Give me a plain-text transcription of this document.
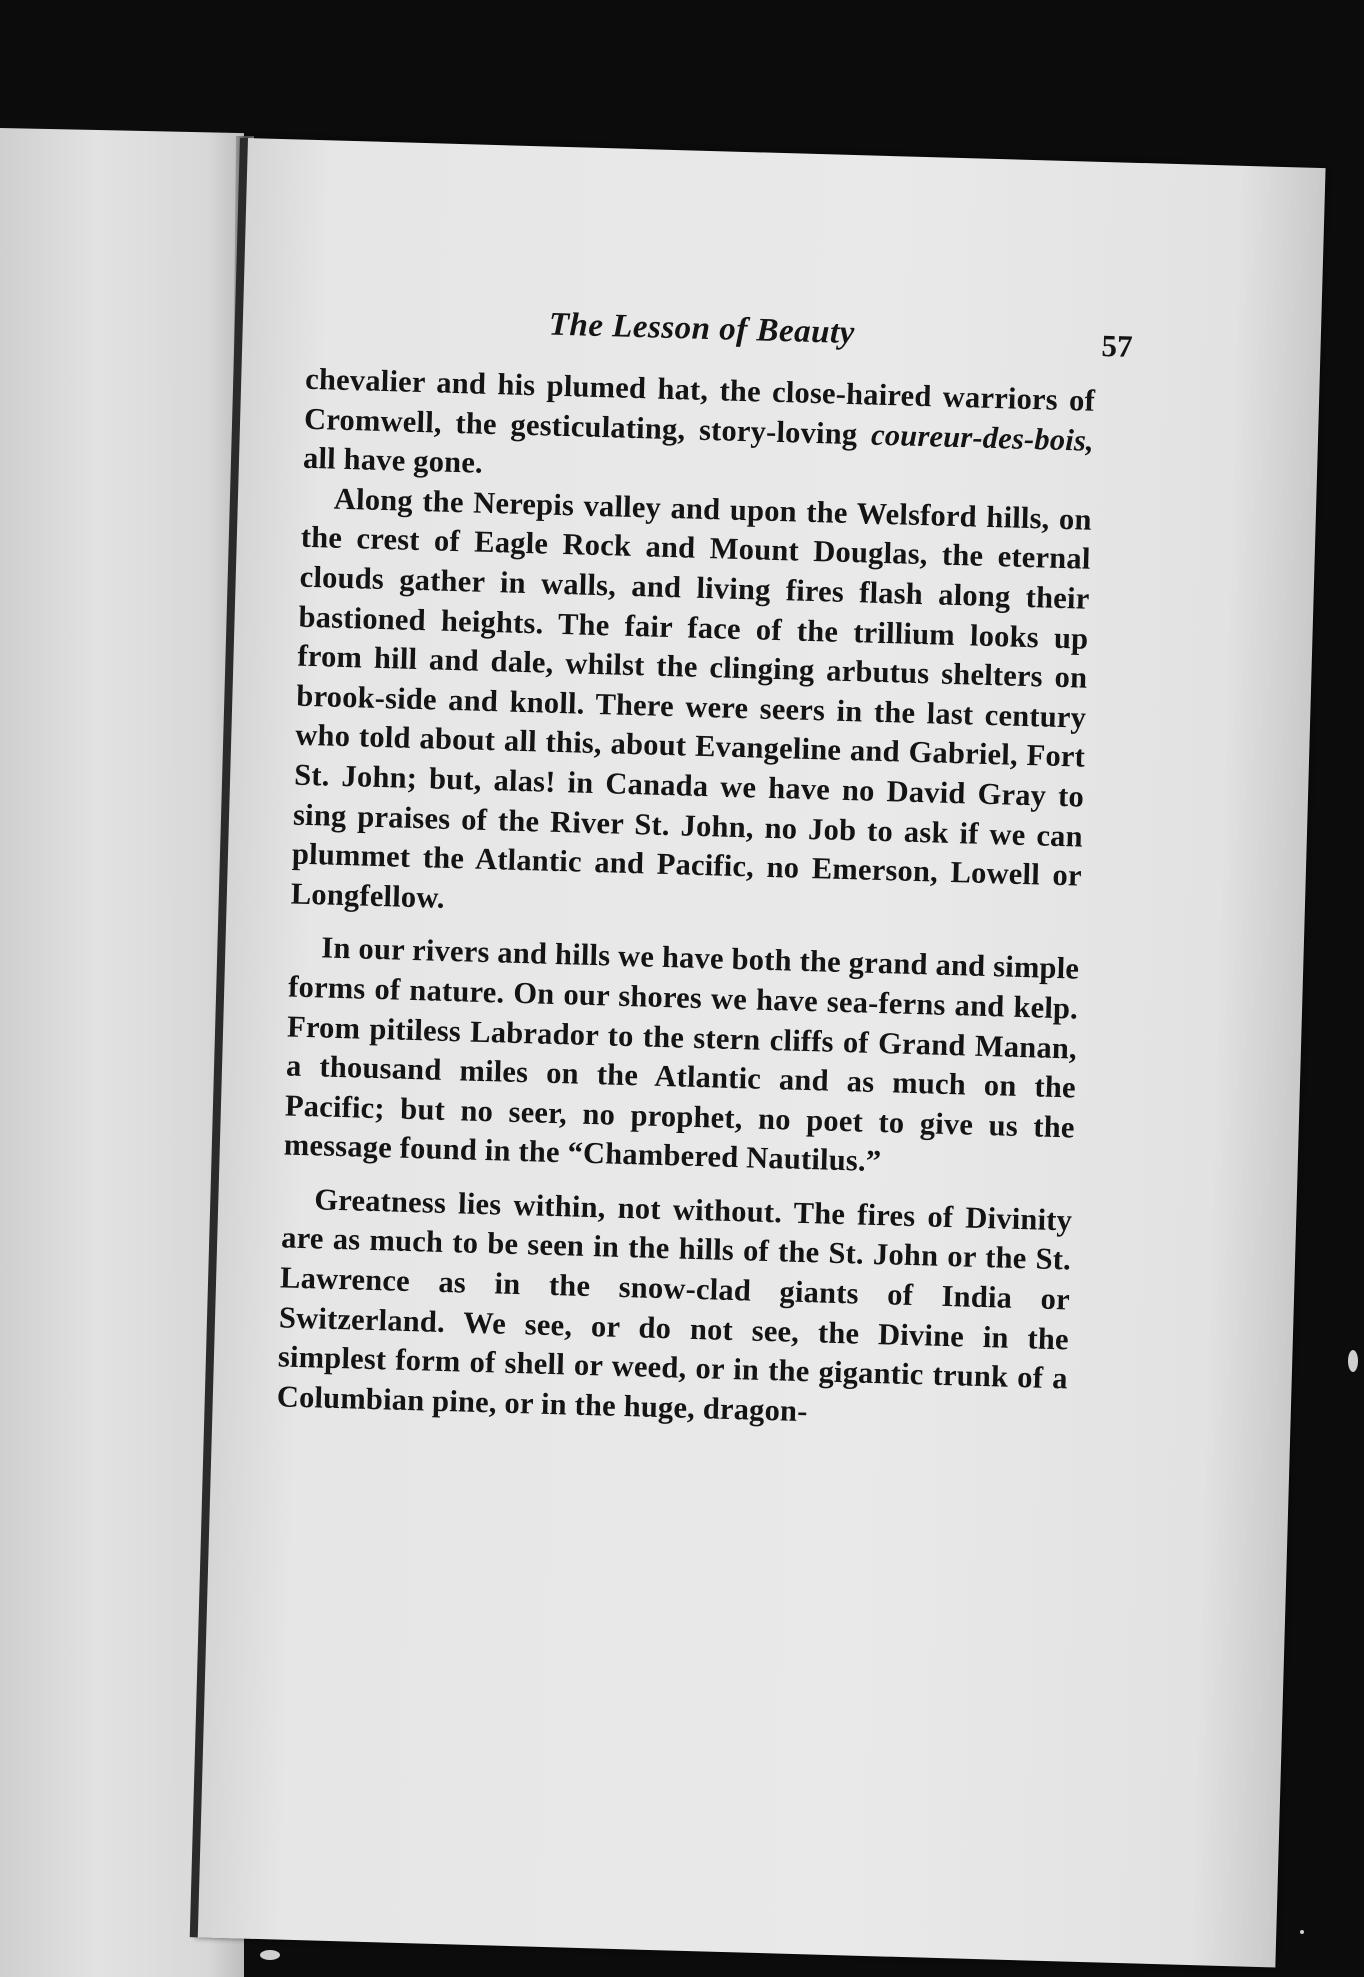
The Lesson of Beauty	57

chevalier and his plumed hat, the close-haired warriors of Cromwell, the gesticulating, story-loving coureur-des-bois, all have gone.

Along the Nerepis valley and upon the Welsford hills, on the crest of Eagle Rock and Mount Douglas, the eternal clouds gather in walls, and living fires flash along their bastioned heights. The fair face of the trillium looks up from hill and dale, whilst the clinging arbutus shelters on brook-side and knoll. There were seers in the last century who told about all this, about Evangeline and Gabriel, Fort St. John; but, alas! in Canada we have no David Gray to sing praises of the River St. John, no Job to ask if we can plummet the Atlantic and Pacific, no Emerson, Lowell or Longfellow.

In our rivers and hills we have both the grand and simple forms of nature. On our shores we have sea-ferns and kelp. From pitiless Labrador to the stern cliffs of Grand Manan, a thousand miles on the Atlantic and as much on the Pacific; but no seer, no prophet, no poet to give us the message found in the “Chambered Nautilus.”

Greatness lies within, not without. The fires of Divinity are as much to be seen in the hills of the St. John or the St. Lawrence as in the snow-clad giants of India or Switzerland. We see, or do not see, the Divine in the simplest form of shell or weed, or in the gigantic trunk of a Columbian pine, or in the huge, dragon-
